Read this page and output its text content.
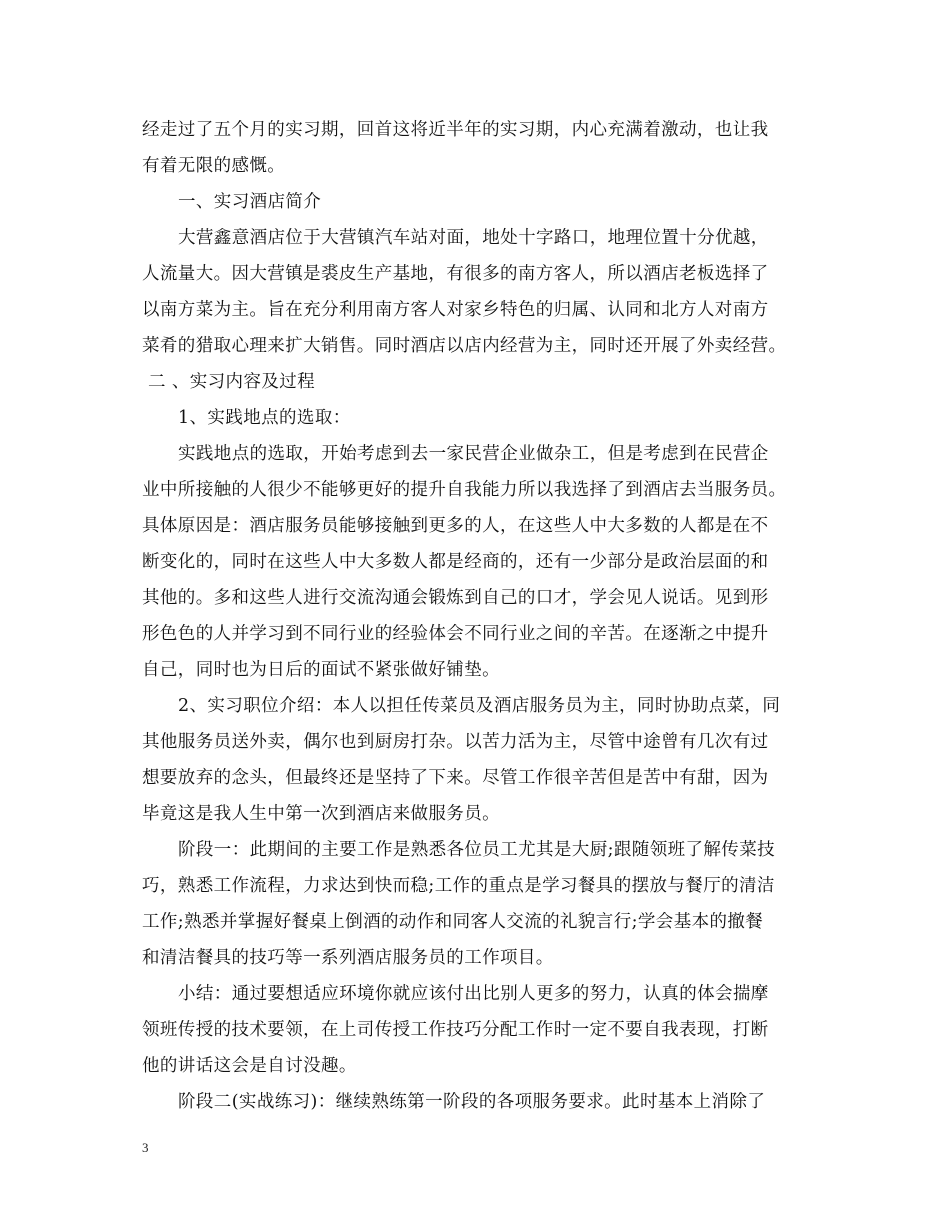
经走过了五个月的实习期，回首这将近半年的实习期，内心充满着激动，也让我
有着无限的感慨。
一、实习酒店简介
大营鑫意酒店位于大营镇汽车站对面，地处十字路口，地理位置十分优越，
人流量大。因大营镇是裘皮生产基地，有很多的南方客人，所以酒店老板选择了
以南方菜为主。旨在充分利用南方客人对家乡特色的归属、认同和北方人对南方
菜肴的猎取心理来扩大销售。同时酒店以店内经营为主，同时还开展了外卖经营。
二 、实习内容及过程
1、实践地点的选取：
实践地点的选取，开始考虑到去一家民营企业做杂工，但是考虑到在民营企
业中所接触的人很少不能够更好的提升自我能力所以我选择了到酒店去当服务员。
具体原因是：酒店服务员能够接触到更多的人，在这些人中大多数的人都是在不
断变化的，同时在这些人中大多数人都是经商的，还有一少部分是政治层面的和
其他的。多和这些人进行交流沟通会锻炼到自己的口才，学会见人说话。见到形
形色色的人并学习到不同行业的经验体会不同行业之间的辛苦。在逐渐之中提升
自己，同时也为日后的面试不紧张做好铺垫。
2、实习职位介绍：本人以担任传菜员及酒店服务员为主，同时协助点菜，同
其他服务员送外卖，偶尔也到厨房打杂。以苦力活为主，尽管中途曾有几次有过
想要放弃的念头，但最终还是坚持了下来。尽管工作很辛苦但是苦中有甜，因为
毕竟这是我人生中第一次到酒店来做服务员。
阶段一：此期间的主要工作是熟悉各位员工尤其是大厨;跟随领班了解传菜技
巧，熟悉工作流程，力求达到快而稳;工作的重点是学习餐具的摆放与餐厅的清洁
工作;熟悉并掌握好餐桌上倒酒的动作和同客人交流的礼貌言行;学会基本的撤餐
和清洁餐具的技巧等一系列酒店服务员的工作项目。
小结：通过要想适应环境你就应该付出比别人更多的努力，认真的体会揣摩
领班传授的技术要领，在上司传授工作技巧分配工作时一定不要自我表现，打断
他的讲话这会是自讨没趣。
阶段二(实战练习)：继续熟练第一阶段的各项服务要求。此时基本上消除了
3
